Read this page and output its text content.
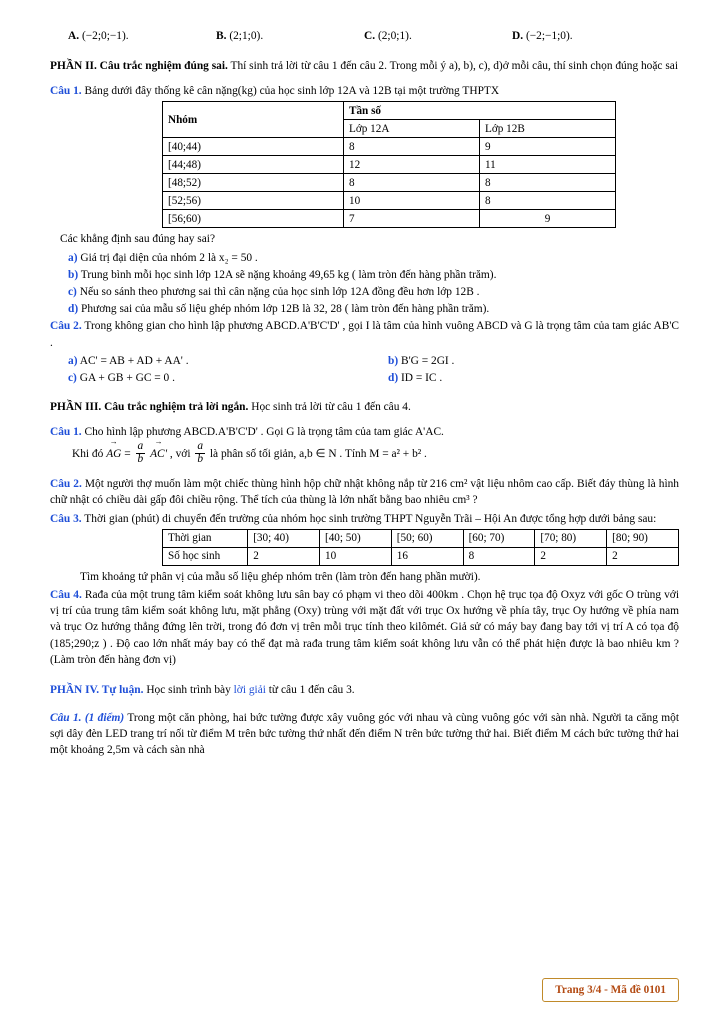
A. (−2;0;−1).	B. (2;1;0).	C. (2;0;1).	D. (−2;−1;0).
PHẦN II. Câu trắc nghiệm đúng sai. Thí sinh trả lời từ câu 1 đến câu 2. Trong mỗi ý a), b), c), d)ở mỗi câu, thí sinh chọn đúng hoặc sai
Câu 1. Bảng dưới đây thống kê cân nặng(kg) của học sinh lớp 12A và 12B tại một trường THPTX
Nhóm	Tần số	
	Lớp 12A	Lớp 12B
[40;44)	8	9
[44;48)	12	11
[48;52)	8	8
[52;56)	10	8
[56;60)	7	9
Các khẳng định sau đúng hay sai?
a) Giá trị đại diện của nhóm 2 là x₂ = 50 .
b) Trung bình mỗi học sinh lớp 12A sẽ nặng khoảng 49,65 kg ( làm tròn đến hàng phần trăm).
c) Nếu so sánh theo phương sai thì cân nặng của học sinh lớp 12A đồng đều hơn lớp 12B .
d) Phương sai của mẫu số liệu ghép nhóm lớp 12B là 32, 28 ( làm tròn đến hàng phần trăm).
Câu 2. Trong không gian cho hình lập phương ABCD.A'B'C'D' , gọi I là tâm của hình vuông ABCD và G là trọng tâm của tam giác AB'C .
a) AC' = AB + AD + AA' .	b) B'G = 2GI .
c) GA + GB + GC = 0 .	d) ID = IC .
PHẦN III. Câu trắc nghiệm trả lời ngắn. Học sinh trả lời từ câu 1 đến câu 4.
Câu 1. Cho hình lập phương ABCD.A'B'C'D' . Gọi G là trọng tâm của tam giác A'AC.
Khi đó → AG = $\frac{a}{b} \to AC'$ , với $\frac{a}{b}$ là phân số tối giản, a,b ∈ N . Tính M = a² + b² .
Câu 2. Một người thợ muốn làm một chiếc thùng hình hộp chữ nhật không nắp từ 216 cm² vật liệu nhôm cao cấp. Biết đáy thùng là hình chữ nhật có chiều dài gấp đôi chiều rộng. Thể tích của thùng là lớn nhất bằng bao nhiêu cm³ ?
Câu 3. Thời gian (phút) di chuyển đến trường của nhóm học sinh trường THPT Nguyễn Trãi – Hội An được tổng hợp dưới bảng sau:
Thời gian	[30; 40)	[40; 50)	[50; 60)	[60; 70)	[70; 80)	[80; 90)
Số học sinh	2	10	16	8	2	2
Tìm khoảng tứ phân vị của mẫu số liệu ghép nhóm trên (làm tròn đến hang phần mười).
Câu 4. Rađa của một trung tâm kiểm soát không lưu sân bay có phạm vi theo dõi 400km . Chọn hệ trục tọa độ Oxyz với gốc O trùng với vị trí của trung tâm kiểm soát không lưu, mặt phẳng (Oxy) trùng với mặt đất với trục Ox hướng về phía tây, trục Oy hướng về phía nam và trục Oz hướng thẳng đứng lên trời, trong đó đơn vị trên mỗi trục tính theo kilômét. Giả sử có máy bay đang bay tới vị trí A có tọa độ (185;290;z ) . Độ cao lớn nhất máy bay có thể đạt mà rađa trung tâm kiểm soát không lưu vẫn có thể phát hiện được là bao nhiêu km ? (Làm tròn đến hàng đơn vị)
PHẦN IV. Tự luận. Học sinh trình bày lời giải từ câu 1 đến câu 3.
Câu 1. (1 điểm) Trong một căn phòng, hai bức tường được xây vuông góc với nhau và cùng vuông góc với sàn nhà. Người ta căng một sợi dây đèn LED trang trí nối từ điểm M trên bức tường thứ nhất đến điểm N trên bức tường thứ hai. Biết điểm M cách bức tường thứ hai một khoảng 2,5m và cách sàn nhà
Trang 3/4 - Mã đề 0101
